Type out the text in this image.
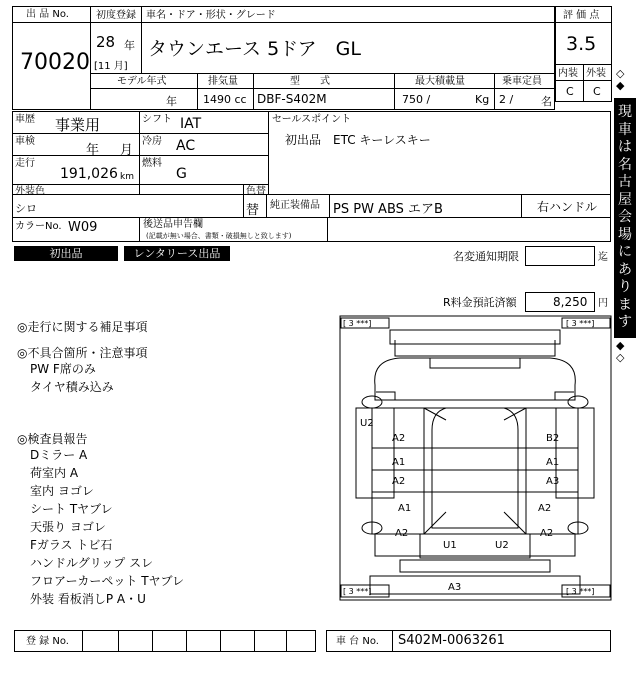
出 品 No.
70020
初度登録
28 年
[11 月]
車名・ドア・形状・グレード
タウンエース 5ドア　GL
モデル年式
年
排気量
1490 cc
型　　式
DBF-S402M
最大積載量
750 /	Kg
乗車定員
2 /	名
評 価 点
3.5
内装 外装
C C
車歴 事業用	シフト IAT
車検
年 月
冷房 AC
走行
191,026 km
燃料
G
外装色
シロ
色替
替
セールスポイント
初出品　ETC キーレスキー
純正装備品 PS PW ABS エアB	右ハンドル
カラーNo. W09	後送品申告欄
(記載が無い場合、書類・破損無しと致します)
初出品	レンタリース出品	名変通知期限	迄
R料金預託済額	8,250 円
◎走行に関する補足事項
◎不具合箇所・注意事項
PW F席のみ
タイヤ積み込み
◎検査員報告
Dミラー A
荷室内 A
室内 ヨゴレ
シート Tヤブレ
天張り ヨゴレ
Fガラス トビ石
ハンドルグリップ スレ
フロアーカーペット Tヤブレ
外装 看板消しP A・U
[ 3 ***]	[ 3 ***]
[ 3 ***]	[ 3 ***]
U2
A2	B2
A1	A1
A2	A3
A1	A2
A2	A2
U1	U2
A3
◇◆
現車は名古屋会場にあります
◆◇
登 録 No.	車 台 No. S402M-0063261
